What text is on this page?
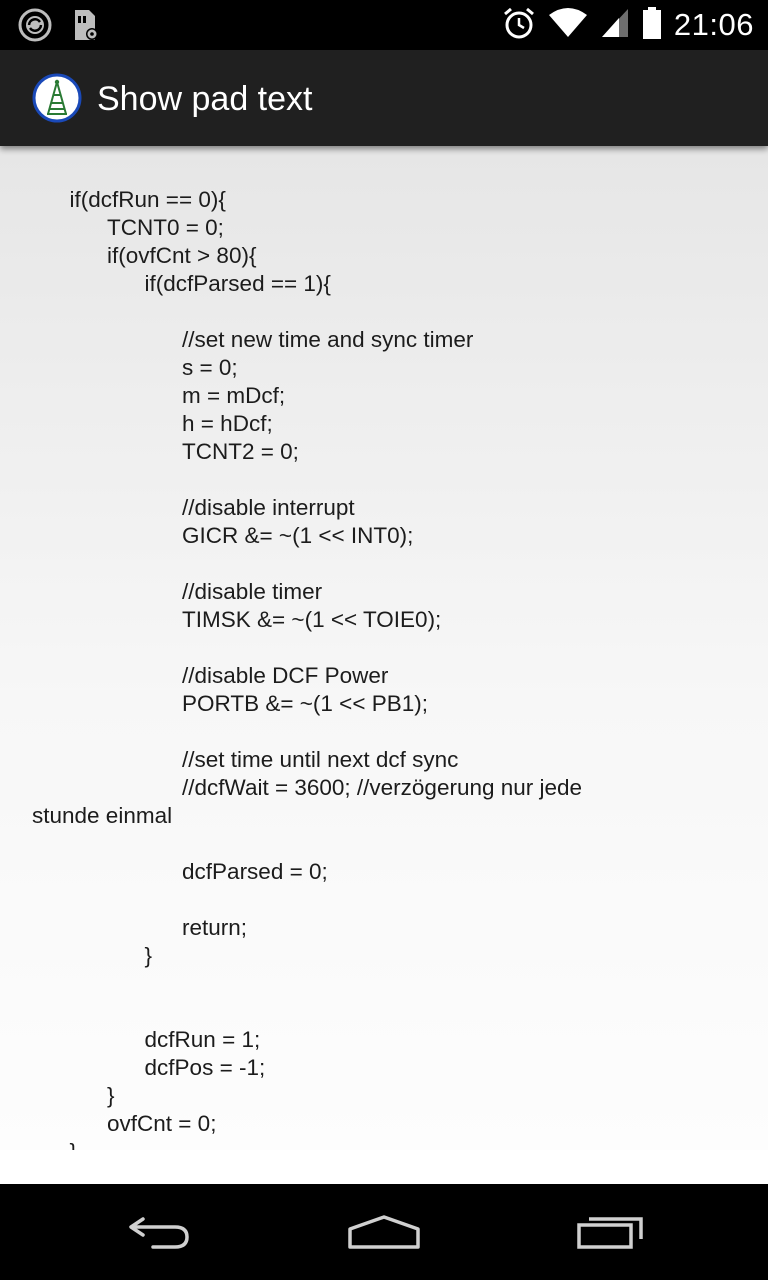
21:06
Show pad text
	if(dcfRun == 0){
		TCNT0 = 0;
		if(ovfCnt > 80){
			if(dcfParsed == 1){

				//set new time and sync timer
				s = 0;
				m = mDcf;
				h = hDcf;
				TCNT2 = 0;

				//disable interrupt
				GICR &= ~(1 << INT0);

				//disable timer
				TIMSK &= ~(1 << TOIE0);

				//disable DCF Power
				PORTB &= ~(1 << PB1);

				//set time until next dcf sync
				//dcfWait = 3600; //verzögerung nur jede
stunde einmal

				dcfParsed = 0;

				return;
			}

			dcfRun = 1;
			dcfPos = -1;
		}
		ovfCnt = 0;
